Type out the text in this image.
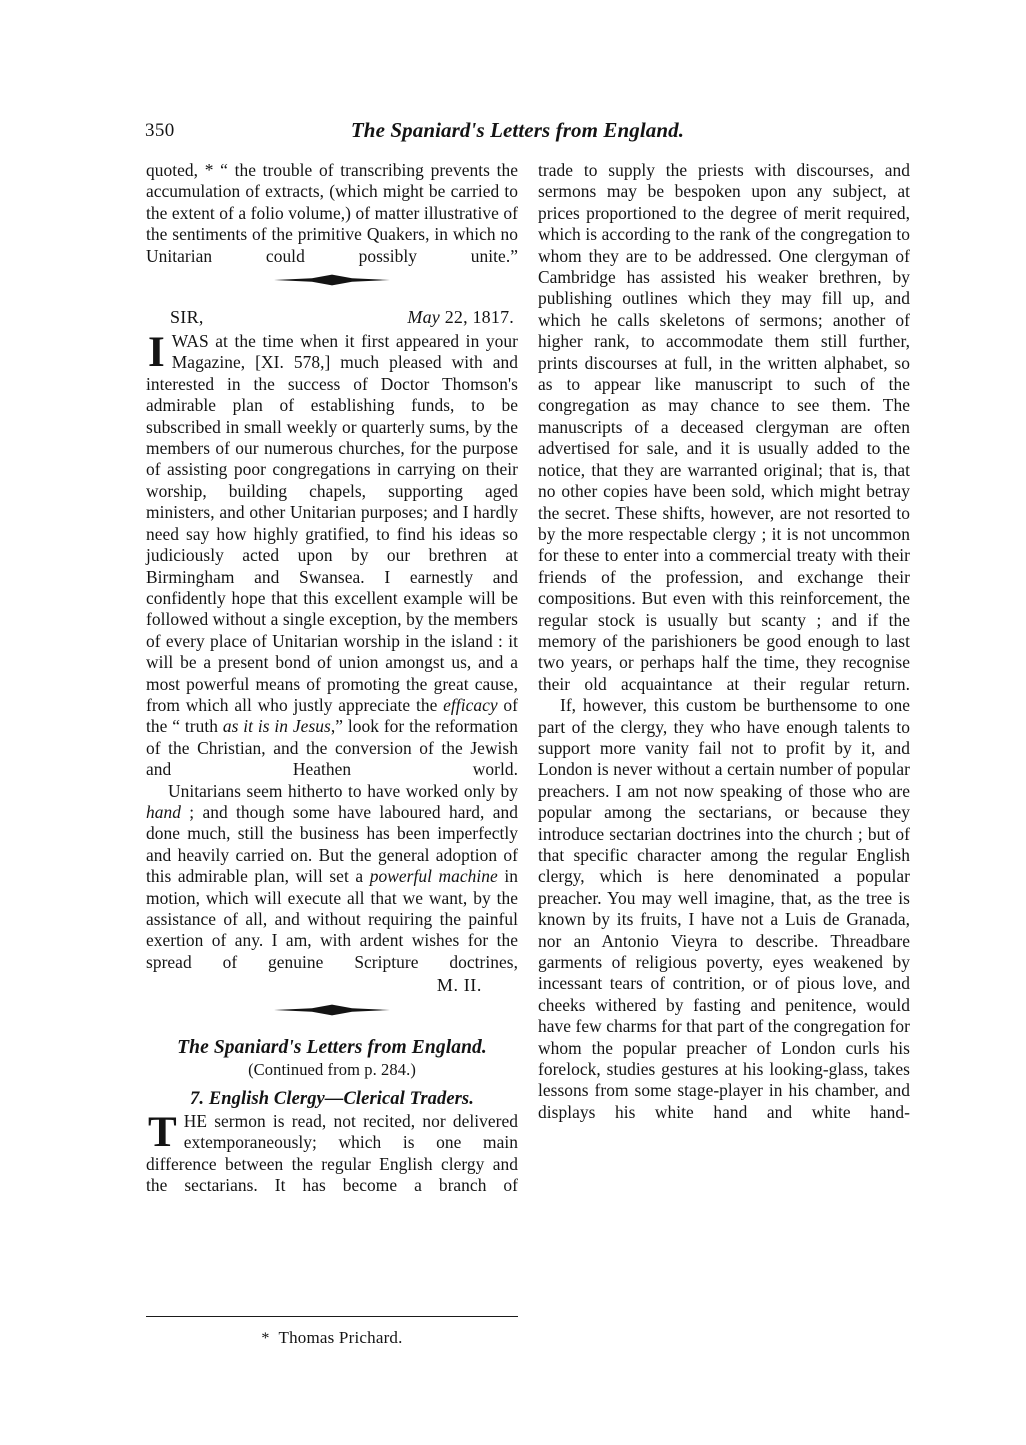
350	The Spaniard's Letters from England.

quoted, * “ the trouble of transcribing prevents the accumulation of extracts, (which might be carried to the extent of a folio volume,) of matter illustrative of the sentiments of the primitive Quakers, in which no Unitarian could possibly unite.”

SIR,	May 22, 1817.

IWAS at the time when it first appeared in your Magazine, [XI. 578,] much pleased with and interested in the success of Doctor Thomson's admirable plan of establishing funds, to be subscribed in small weekly or quarterly sums, by the members of our numerous churches, for the purpose of assisting poor congregations in carrying on their worship, building chapels, supporting aged ministers, and other Unitarian purposes; and I hardly need say how highly gratified, to find his ideas so judiciously acted upon by our brethren at Birmingham and Swansea. I earnestly and confidently hope that this excellent example will be followed without a single exception, by the members of every place of Unitarian worship in the island : it will be a present bond of union amongst us, and a most powerful means of promoting the great cause, from which all who justly appreciate the efficacy of the “ truth as it is in Jesus,” look for the reformation of the Christian, and the conversion of the Jewish and Heathen world.

Unitarians seem hitherto to have worked only by hand ; and though some have laboured hard, and done much, still the business has been imperfectly and heavily carried on. But the general adoption of this admirable plan, will set a powerful machine in motion, which will execute all that we want, by the assistance of all, and without requiring the painful exertion of any. I am, with ardent wishes for the spread of genuine Scripture doctrines,

M. II.
The Spaniard's Letters from England.
(Continued from p. 284.)
7. English Clergy—Clerical Traders.

THE sermon is read, not recited, nor delivered extemporaneously; which is one main difference between the regular English clergy and the sectarians. It has become a branch of

trade to supply the priests with discourses, and sermons may be bespoken upon any subject, at prices proportioned to the degree of merit required, which is according to the rank of the congregation to whom they are to be addressed. One clergyman of Cambridge has assisted his weaker brethren, by publishing outlines which they may fill up, and which he calls skeletons of sermons; another of higher rank, to accommodate them still further, prints discourses at full, in the written alphabet, so as to appear like manuscript to such of the congregation as may chance to see them. The manuscripts of a deceased clergyman are often advertised for sale, and it is usually added to the notice, that they are warranted original; that is, that no other copies have been sold, which might betray the secret. These shifts, however, are not resorted to by the more respectable clergy ; it is not uncommon for these to enter into a commercial treaty with their friends of the profession, and exchange their compositions. But even with this reinforcement, the regular stock is usually but scanty ; and if the memory of the parishioners be good enough to last two years, or perhaps half the time, they recognise their old acquaintance at their regular return.

If, however, this custom be burthensome to one part of the clergy, they who have enough talents to support more vanity fail not to profit by it, and London is never without a certain number of popular preachers. I am not now speaking of those who are popular among the sectarians, or because they introduce sectarian doctrines into the church ; but of that specific character among the regular English clergy, which is here denominated a popular preacher. You may well imagine, that, as the tree is known by its fruits, I have not a Luis de Granada, nor an Antonio Vieyra to describe. Threadbare garments of religious poverty, eyes weakened by incessant tears of contrition, or of pious love, and cheeks withered by fasting and penitence, would have few charms for that part of the congregation for whom the popular preacher of London curls his forelock, studies gestures at his looking-glass, takes lessons from some stage-player in his chamber, and displays his white hand and white hand-

* Thomas Prichard.
